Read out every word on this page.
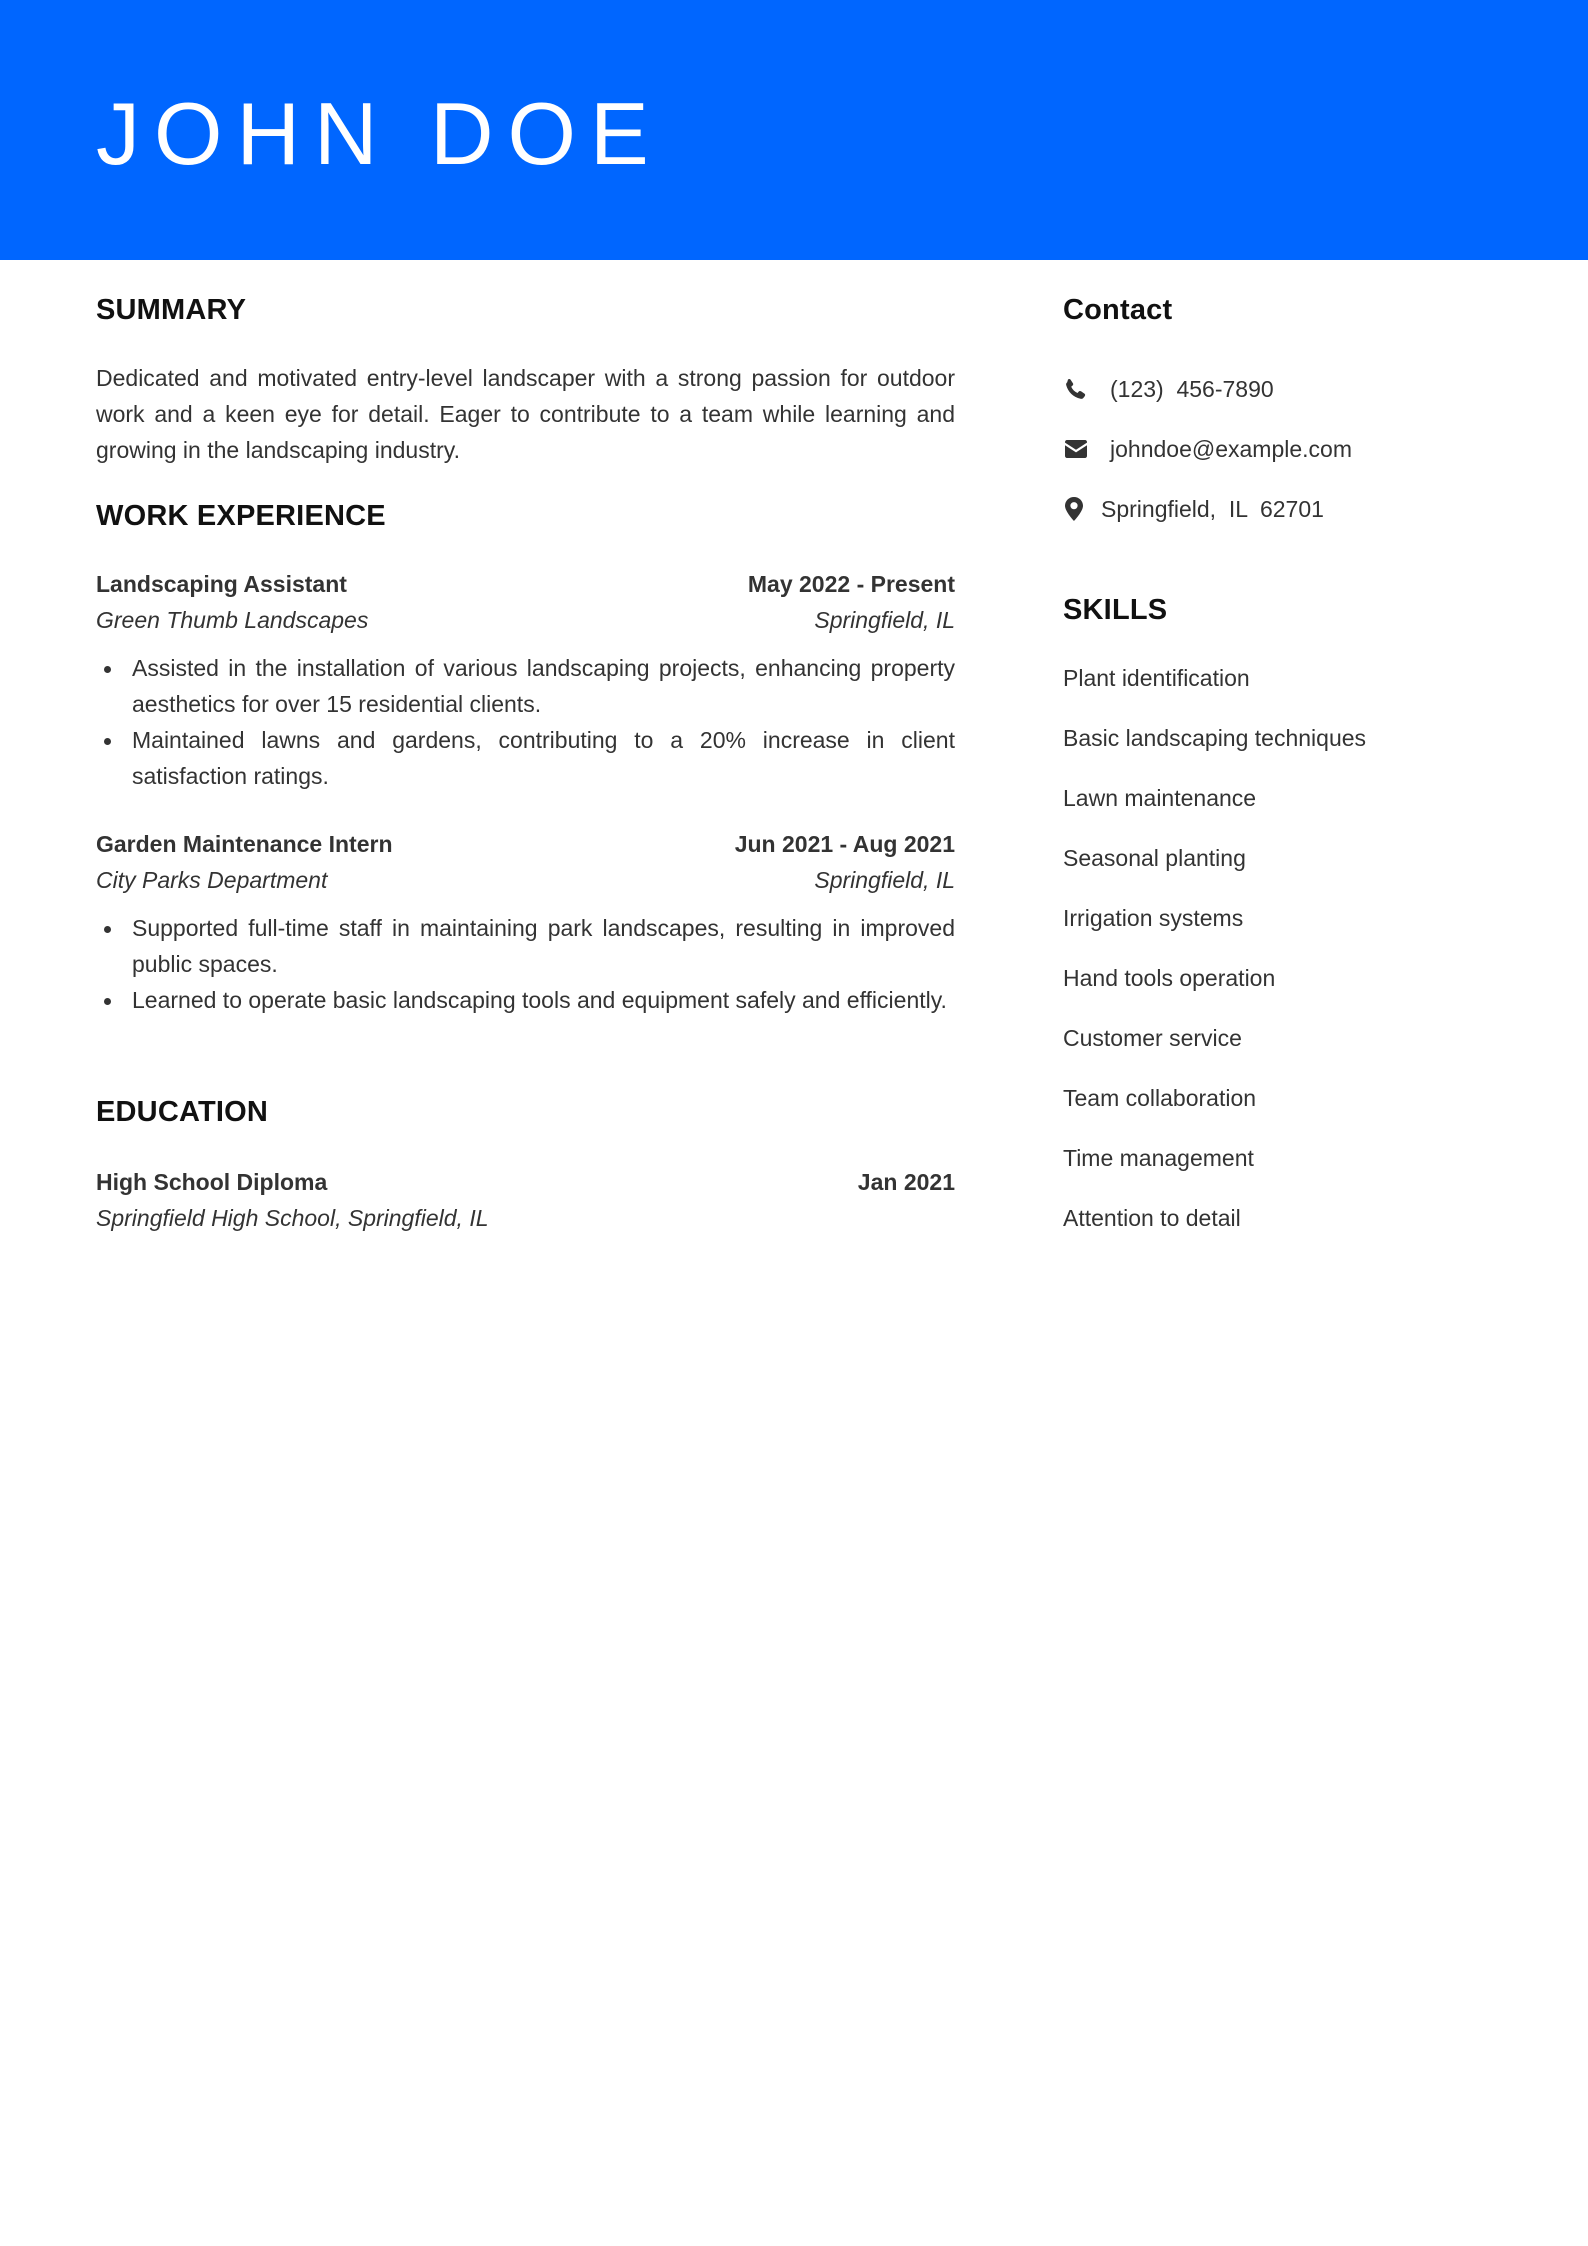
JOHN DOE
SUMMARY
Dedicated and motivated entry-level landscaper with a strong passion for outdoor work and a keen eye for detail. Eager to contribute to a team while learning and growing in the landscaping industry.
WORK EXPERIENCE
Landscaping Assistant	May 2022 - Present
Green Thumb Landscapes	Springfield, IL
Assisted in the installation of various landscaping projects, enhancing property aesthetics for over 15 residential clients.
Maintained lawns and gardens, contributing to a 20% increase in client satisfaction ratings.
Garden Maintenance Intern	Jun 2021 - Aug 2021
City Parks Department	Springfield, IL
Supported full-time staff in maintaining park landscapes, resulting in improved public spaces.
Learned to operate basic landscaping tools and equipment safely and efficiently.
EDUCATION
High School Diploma	Jan 2021
Springfield High School, Springfield, IL
Contact
(123)  456-7890
johndoe@example.com
Springfield,  IL  62701
SKILLS
Plant identification
Basic landscaping techniques
Lawn maintenance
Seasonal planting
Irrigation systems
Hand tools operation
Customer service
Team collaboration
Time management
Attention to detail
